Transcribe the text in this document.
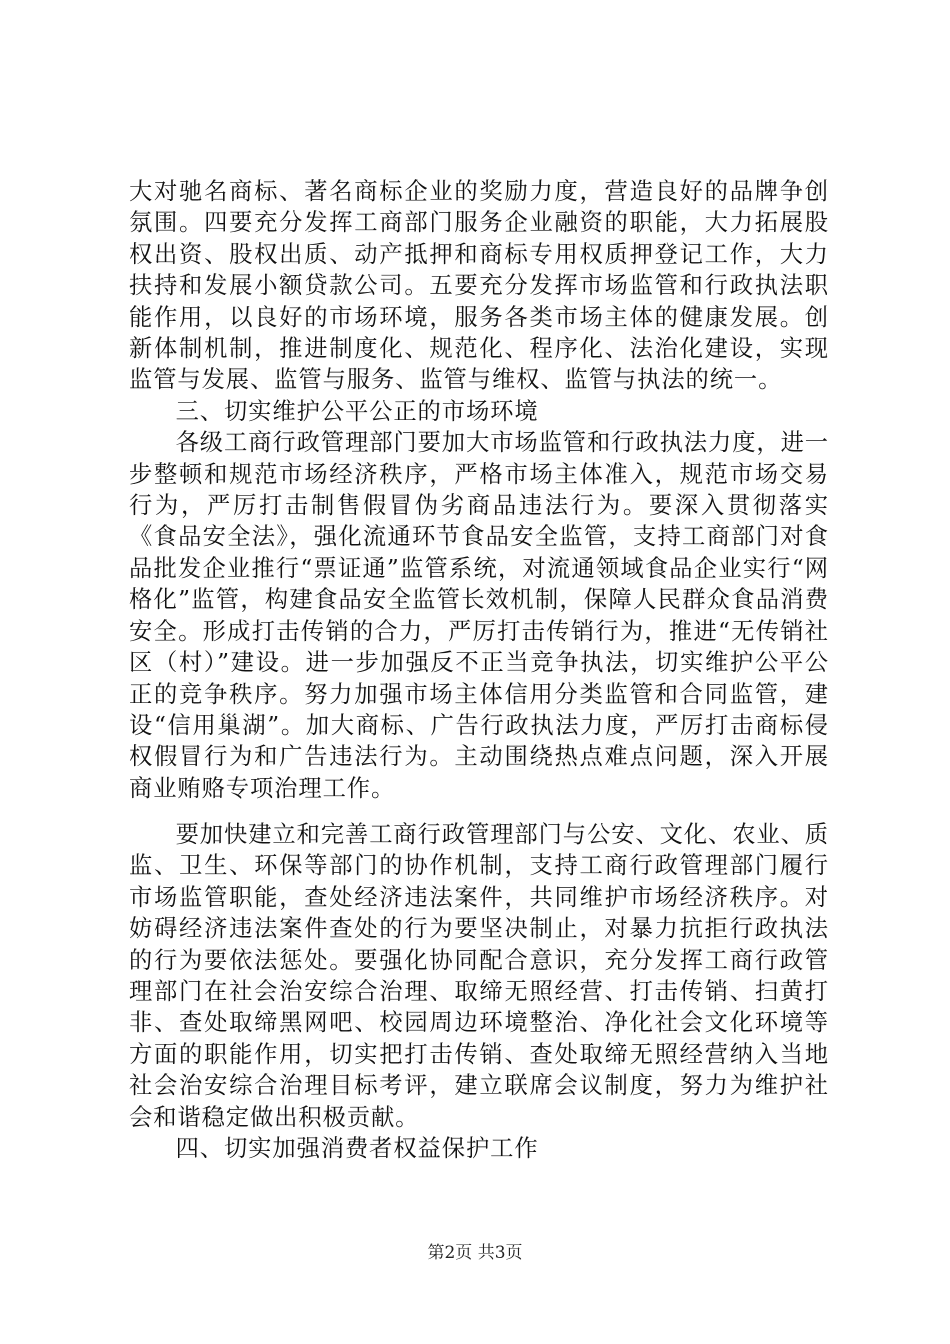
大对驰名商标、著名商标企业的奖励力度，营造良好的品牌争创氛围。四要充分发挥工商部门服务企业融资的职能，大力拓展股权出资、股权出质、动产抵押和商标专用权质押登记工作，大力扶持和发展小额贷款公司。五要充分发挥市场监管和行政执法职能作用，以良好的市场环境，服务各类市场主体的健康发展。创新体制机制，推进制度化、规范化、程序化、法治化建设，实现监管与发展、监管与服务、监管与维权、监管与执法的统一。

三、切实维护公平公正的市场环境

各级工商行政管理部门要加大市场监管和行政执法力度，进一步整顿和规范市场经济秩序，严格市场主体准入，规范市场交易行为，严厉打击制售假冒伪劣商品违法行为。要深入贯彻落实《食品安全法》，强化流通环节食品安全监管，支持工商部门对食品批发企业推行“票证通”监管系统，对流通领域食品企业实行“网格化”监管，构建食品安全监管长效机制，保障人民群众食品消费安全。形成打击传销的合力，严厉打击传销行为，推进“无传销社区（村）”建设。进一步加强反不正当竞争执法，切实维护公平公正的竞争秩序。努力加强市场主体信用分类监管和合同监管，建设“信用巢湖”。加大商标、广告行政执法力度，严厉打击商标侵权假冒行为和广告违法行为。主动围绕热点难点问题，深入开展商业贿赂专项治理工作。

要加快建立和完善工商行政管理部门与公安、文化、农业、质监、卫生、环保等部门的协作机制，支持工商行政管理部门履行市场监管职能，查处经济违法案件，共同维护市场经济秩序。对妨碍经济违法案件查处的行为要坚决制止，对暴力抗拒行政执法的行为要依法惩处。要强化协同配合意识，充分发挥工商行政管理部门在社会治安综合治理、取缔无照经营、打击传销、扫黄打非、查处取缔黑网吧、校园周边环境整治、净化社会文化环境等方面的职能作用，切实把打击传销、查处取缔无照经营纳入当地社会治安综合治理目标考评，建立联席会议制度，努力为维护社会和谐稳定做出积极贡献。

四、切实加强消费者权益保护工作

第2页 共3页
